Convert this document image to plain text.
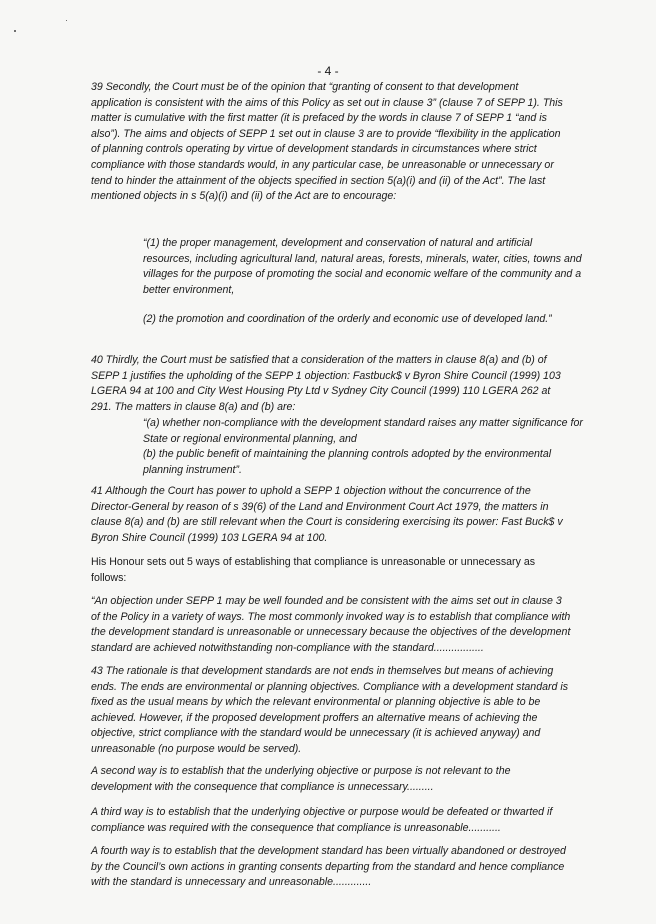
- 4 -

39 Secondly, the Court must be of the opinion that “granting of consent to that development application is consistent with the aims of this Policy as set out in clause 3” (clause 7 of SEPP 1). This matter is cumulative with the first matter (it is prefaced by the words in clause 7 of SEPP 1 “and is also”). The aims and objects of SEPP 1 set out in clause 3 are to provide “flexibility in the application of planning controls operating by virtue of development standards in circumstances where strict compliance with those standards would, in any particular case, be unreasonable or unnecessary or tend to hinder the attainment of the objects specified in section 5(a)(i) and (ii) of the Act”. The last mentioned objects in s 5(a)(i) and (ii) of the Act are to encourage:

“(1) the proper management, development and conservation of natural and artificial resources, including agricultural land, natural areas, forests, minerals, water, cities, towns and villages for the purpose of promoting the social and economic welfare of the community and a better environment,

(2) the promotion and coordination of the orderly and economic use of developed land.”

40 Thirdly, the Court must be satisfied that a consideration of the matters in clause 8(a) and (b) of SEPP 1 justifies the upholding of the SEPP 1 objection: Fastbuck$ v Byron Shire Council (1999) 103 LGERA 94 at 100 and City West Housing Pty Ltd v Sydney City Council (1999) 110 LGERA 262 at 291. The matters in clause 8(a) and (b) are:

“(a) whether non-compliance with the development standard raises any matter significance for State or regional environmental planning, and

(b) the public benefit of maintaining the planning controls adopted by the environmental planning instrument”.

41 Although the Court has power to uphold a SEPP 1 objection without the concurrence of the Director-General by reason of s 39(6) of the Land and Environment Court Act 1979, the matters in clause 8(a) and (b) are still relevant when the Court is considering exercising its power: Fast Buck$ v Byron Shire Council (1999) 103 LGERA 94 at 100.

His Honour sets out 5 ways of establishing that compliance is unreasonable or unnecessary as follows:

“An objection under SEPP 1 may be well founded and be consistent with the aims set out in clause 3 of the Policy in a variety of ways. The most commonly invoked way is to establish that compliance with the development standard is unreasonable or unnecessary because the objectives of the development standard are achieved notwithstanding non-compliance with the standard.................

43 The rationale is that development standards are not ends in themselves but means of achieving ends. The ends are environmental or planning objectives. Compliance with a development standard is fixed as the usual means by which the relevant environmental or planning objective is able to be achieved. However, if the proposed development proffers an alternative means of achieving the objective, strict compliance with the standard would be unnecessary (it is achieved anyway) and unreasonable (no purpose would be served).

A second way is to establish that the underlying objective or purpose is not relevant to the development with the consequence that compliance is unnecessary.........

A third way is to establish that the underlying objective or purpose would be defeated or thwarted if compliance was required with the consequence that compliance is unreasonable...........

A fourth way is to establish that the development standard has been virtually abandoned or destroyed by the Council’s own actions in granting consents departing from the standard and hence compliance with the standard is unnecessary and unreasonable.............
